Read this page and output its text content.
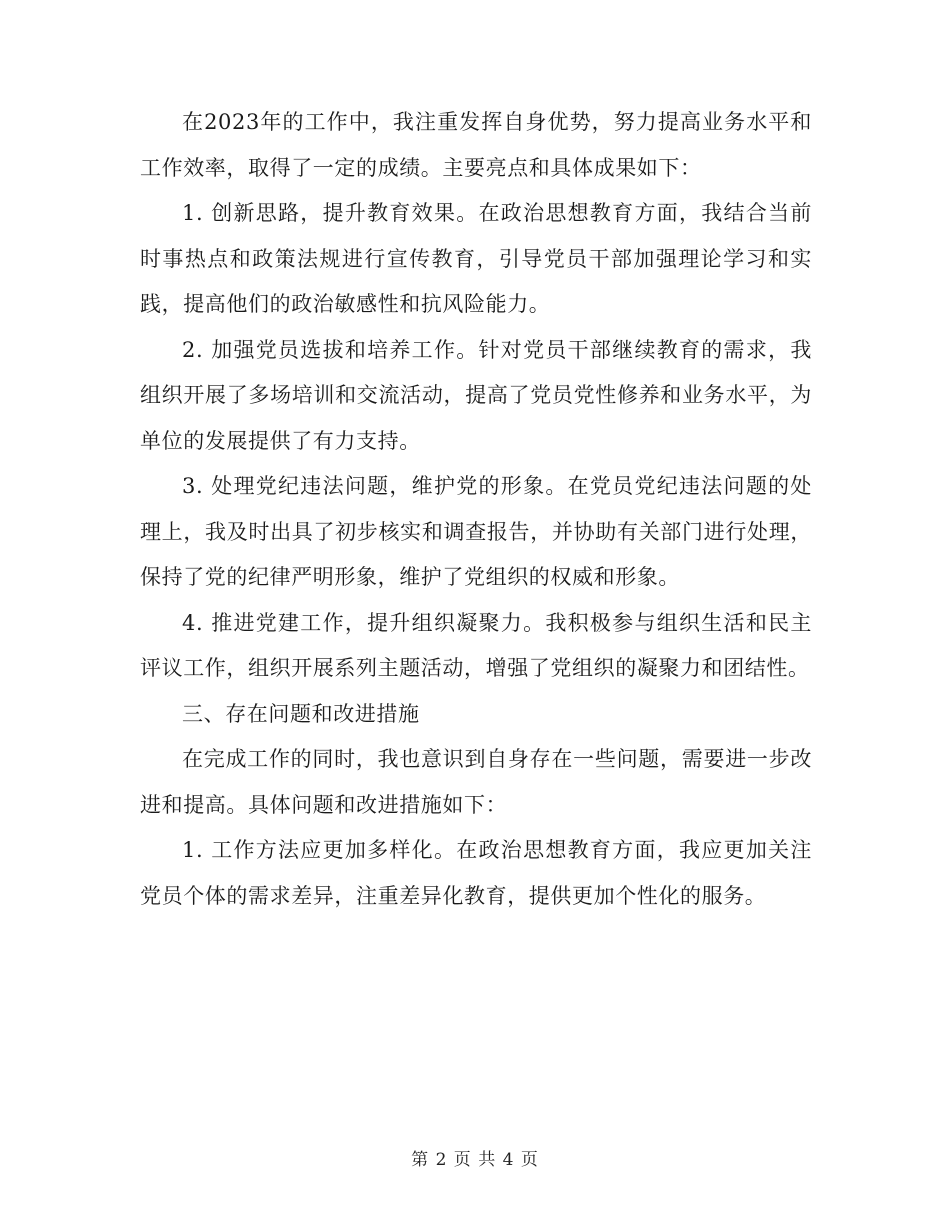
在2023年的工作中，我注重发挥自身优势，努力提高业务水平和工作效率，取得了一定的成绩。主要亮点和具体成果如下：

1. 创新思路，提升教育效果。在政治思想教育方面，我结合当前时事热点和政策法规进行宣传教育，引导党员干部加强理论学习和实践，提高他们的政治敏感性和抗风险能力。

2. 加强党员选拔和培养工作。针对党员干部继续教育的需求，我组织开展了多场培训和交流活动，提高了党员党性修养和业务水平，为单位的发展提供了有力支持。

3. 处理党纪违法问题，维护党的形象。在党员党纪违法问题的处理上，我及时出具了初步核实和调查报告，并协助有关部门进行处理，保持了党的纪律严明形象，维护了党组织的权威和形象。

4. 推进党建工作，提升组织凝聚力。我积极参与组织生活和民主评议工作，组织开展系列主题活动，增强了党组织的凝聚力和团结性。

三、存在问题和改进措施

在完成工作的同时，我也意识到自身存在一些问题，需要进一步改进和提高。具体问题和改进措施如下：

1. 工作方法应更加多样化。在政治思想教育方面，我应更加关注党员个体的需求差异，注重差异化教育，提供更加个性化的服务。

第 2 页 共 4 页
